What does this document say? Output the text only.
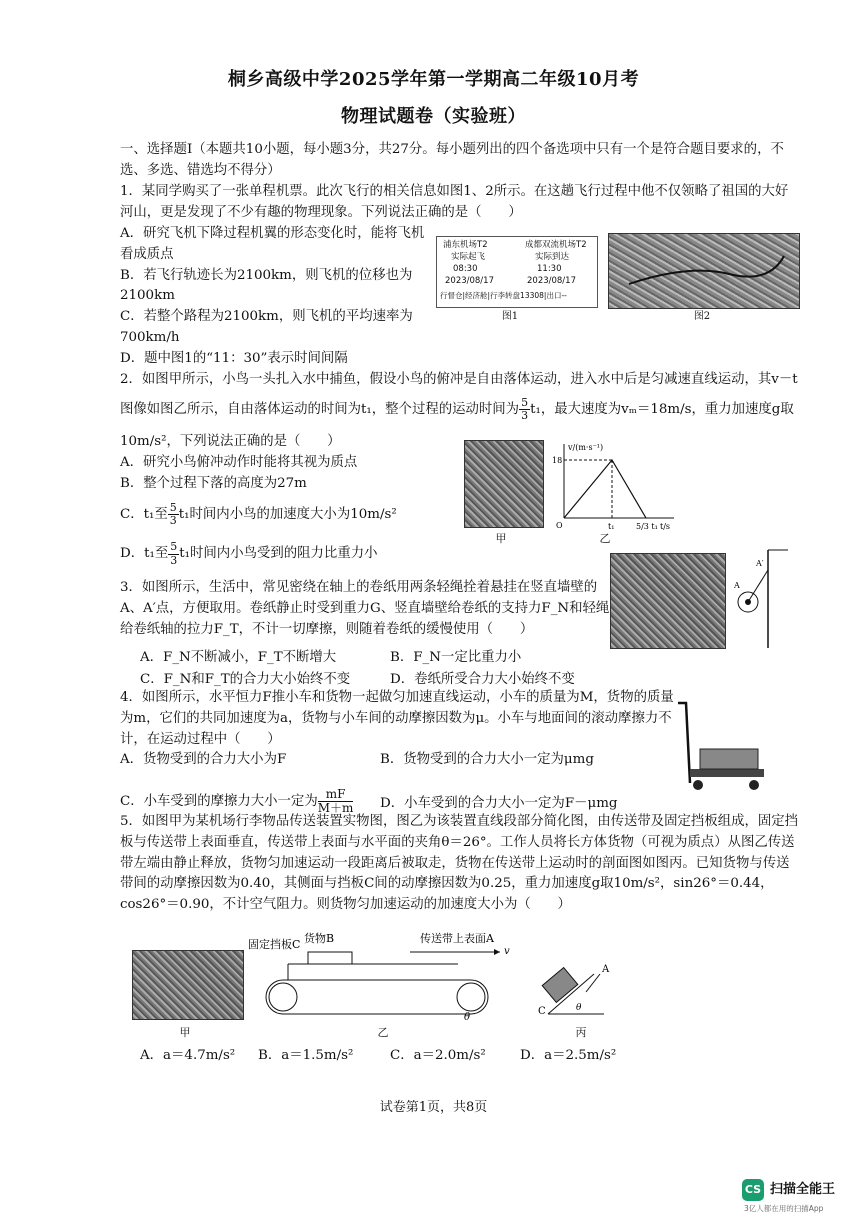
桐乡高级中学2025学年第一学期高二年级10月考
物理试题卷（实验班）

一、选择题Ⅰ（本题共10小题，每小题3分，共27分。每小题列出的四个备选项中只有一个是符合题目要求的，不选、多选、错选均不得分）

1．某同学购买了一张单程机票。此次飞行的相关信息如图1、2所示。在这趟飞行过程中他不仅领略了祖国的大好河山，更是发现了不少有趣的物理现象。下列说法正确的是（　　）

A．研究飞机下降过程机翼的形态变化时，能将飞机看成质点

B．若飞行轨迹长为2100km，则飞机的位移也为2100km

C．若整个路程为2100km，则飞机的平均速率为700km/h

D．题中图1的“11：30”表示时间间隔

浦东机场T2	成都双流机场T2
实际起飞	实际到达
08:30	11:30
2023/08/17	2023/08/17
行督仓|经济舱|行李转盘13308|出口--
图1	图2

2．如图甲所示，小鸟一头扎入水中捕鱼，假设小鸟的俯冲是自由落体运动，进入水中后是匀减速直线运动，其v－t

图像如图乙所示，自由落体运动的时间为t₁，整个过程的运动时间为 $\frac{5}{3} t_1$，最大速度为vₘ＝18m/s，重力加速度g取

10m/s²，下列说法正确的是（　　）

A．研究小鸟俯冲动作时能将其视为质点

B．整个过程下落的高度为27m

C．t₁至 $\frac{5}{3} t_1$时间内小鸟的加速度大小为10m/s²

D．t₁至 $\frac{5}{3} t_1$时间内小鸟受到的阻力比重力小

甲
v/(m·s⁻¹)
18
O	t₁	5/3 t₁ t/s
乙

3．如图所示，生活中，常见密绕在轴上的卷纸用两条轻绳拴着悬挂在竖直墙壁的A、A′点，方便取用。卷纸静止时受到重力G、竖直墙壁给卷纸的支持力F_N和轻绳给卷纸轴的拉力F_T，不计一切摩擦，则随着卷纸的缓慢使用（　　）

A．F_N不断减小，F_T不断增大	B．F_N一定比重力小
C．F_N和F_T的合力大小始终不变	D．卷纸所受合力大小始终不变
A
A′

4．如图所示，水平恒力F推小车和货物一起做匀加速直线运动，小车的质量为M，货物的质量为m，它们的共同加速度为a，货物与小车间的动摩擦因数为μ。小车与地面间的滚动摩擦力不计，在运动过程中（　　）

A．货物受到的合力大小为F	B．货物受到的合力大小一定为μmg
C．小车受到的摩擦力大小一定为 $\frac{mF}{M+m}$ D．小车受到的合力大小一定为F－μmg

5．如图甲为某机场行李物品传送装置实物图，图乙为该装置直线段部分简化图，由传送带及固定挡板组成，固定挡板与传送带上表面垂直，传送带上表面与水平面的夹角θ＝26°。工作人员将长方体货物（可视为质点）从图乙传送带左端由静止释放，货物匀加速运动一段距离后被取走，货物在传送带上运动时的剖面图如图丙。已知货物与传送带间的动摩擦因数为0.40，其侧面与挡板C间的动摩擦因数为0.25，重力加速度g取10m/s²，sin26°＝0.44，cos26°＝0.90，不计空气阻力。则货物匀加速运动的加速度大小为（　　）

甲
固定挡板C 货物B	传送带上表面A
v
θ
乙
A
C	θ
丙
A．a＝4.7m/s² B．a＝1.5m/s²	C．a＝2.0m/s²	D．a＝2.5m/s²
试卷第1页，共8页
CS 扫描全能王
3亿人都在用的扫描App
